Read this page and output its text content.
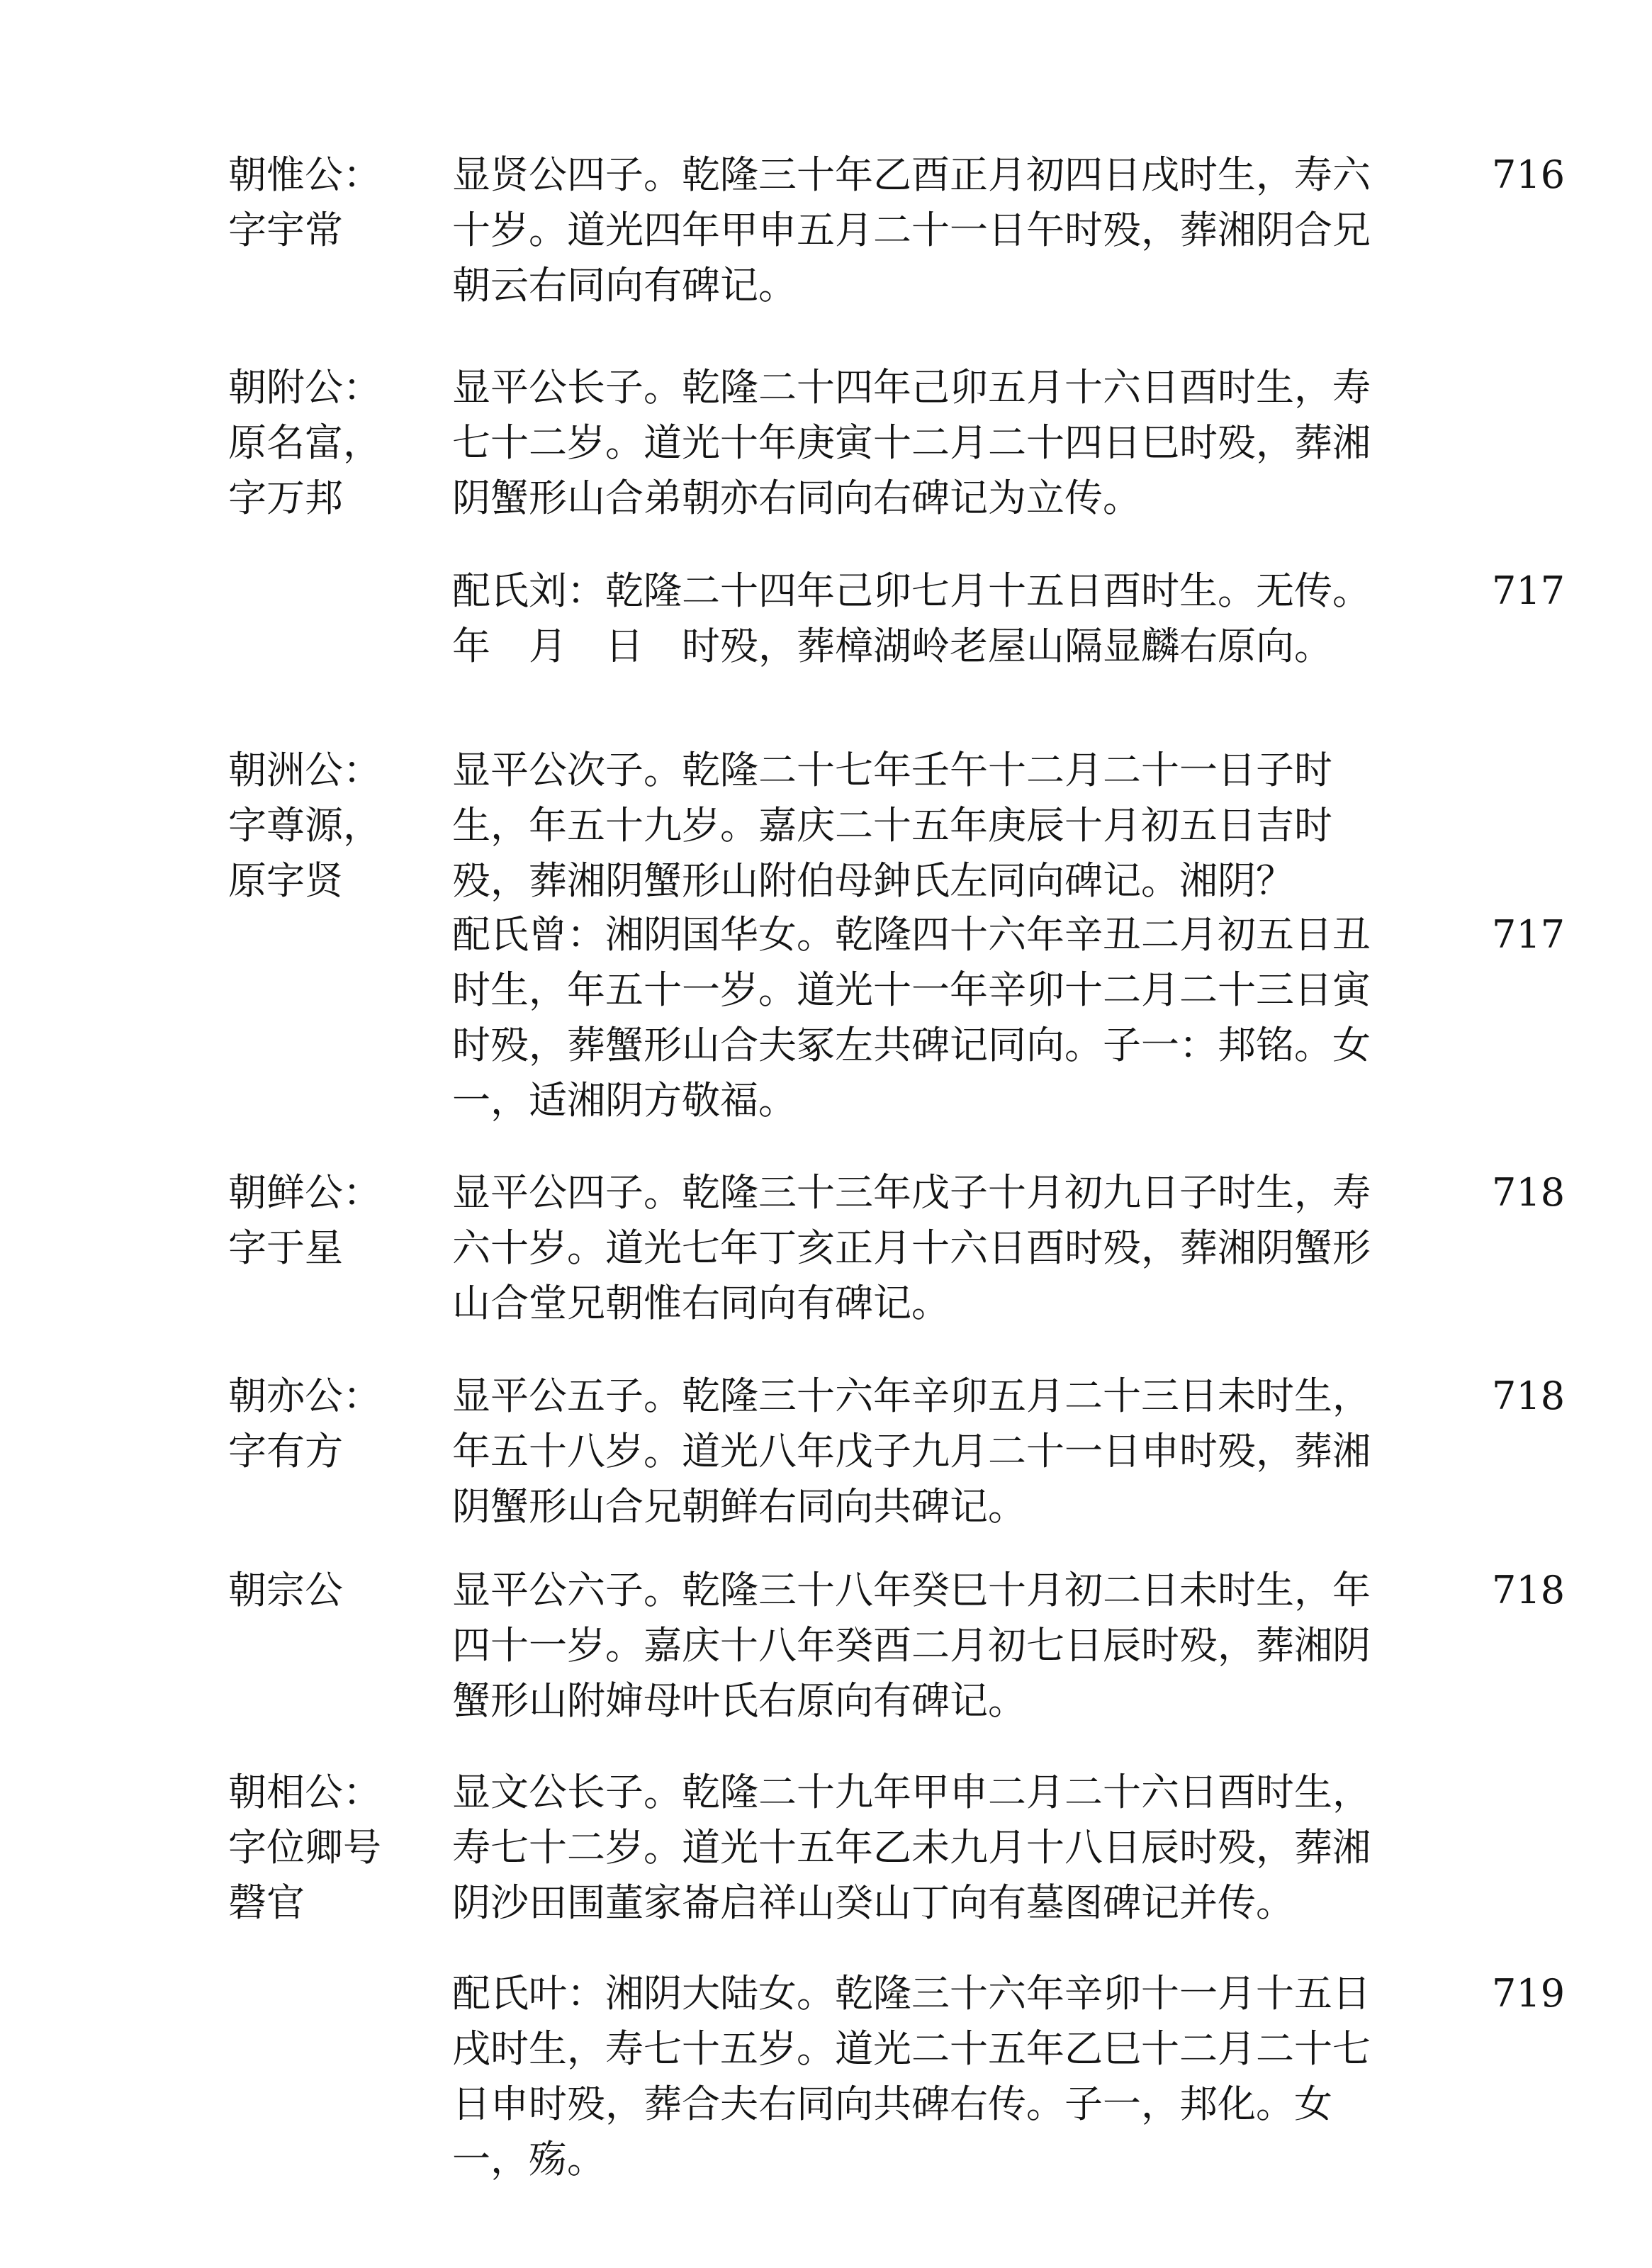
朝惟公：
字宇常
显贤公四子。乾隆三十年乙酉正月初四日戌时生，寿六
十岁。道光四年甲申五月二十一日午时殁，葬湘阴合兄
朝云右同向有碑记。
716
朝附公：
原名富，
字万邦
显平公长子。乾隆二十四年己卯五月十六日酉时生，寿
七十二岁。道光十年庚寅十二月二十四日巳时殁，葬湘
阴蟹形山合弟朝亦右同向右碑记为立传。
配氏刘：乾隆二十四年己卯七月十五日酉时生。无传。
年　月　日　时殁，葬樟湖岭老屋山隔显麟右原向。
717
朝洲公：
字尊源，
原字贤
显平公次子。乾隆二十七年壬午十二月二十一日子时
生，年五十九岁。嘉庆二十五年庚辰十月初五日吉时
殁，葬湘阴蟹形山附伯母鈡氏左同向碑记。湘阴？
配氏曾：湘阴国华女。乾隆四十六年辛丑二月初五日丑
时生，年五十一岁。道光十一年辛卯十二月二十三日寅
时殁，葬蟹形山合夫冢左共碑记同向。子一：邦铭。女
一，适湘阴方敬福。
717
朝鲜公：
字于星
显平公四子。乾隆三十三年戊子十月初九日子时生，寿
六十岁。道光七年丁亥正月十六日酉时殁，葬湘阴蟹形
山合堂兄朝惟右同向有碑记。
718
朝亦公：
字有方
显平公五子。乾隆三十六年辛卯五月二十三日未时生，
年五十八岁。道光八年戊子九月二十一日申时殁，葬湘
阴蟹形山合兄朝鲜右同向共碑记。
718
朝宗公	显平公六子。乾隆三十八年癸巳十月初二日未时生，年
四十一岁。嘉庆十八年癸酉二月初七日辰时殁，葬湘阴
蟹形山附婶母叶氏右原向有碑记。
718
朝相公：
字位卿号
磬官
显文公长子。乾隆二十九年甲申二月二十六日酉时生，
寿七十二岁。道光十五年乙未九月十八日辰时殁，葬湘
阴沙田围董家崙启祥山癸山丁向有墓图碑记并传。
配氏叶：湘阴大陆女。乾隆三十六年辛卯十一月十五日
戌时生，寿七十五岁。道光二十五年乙巳十二月二十七
日申时殁，葬合夫右同向共碑右传。子一，邦化。女
一，殇。
719
